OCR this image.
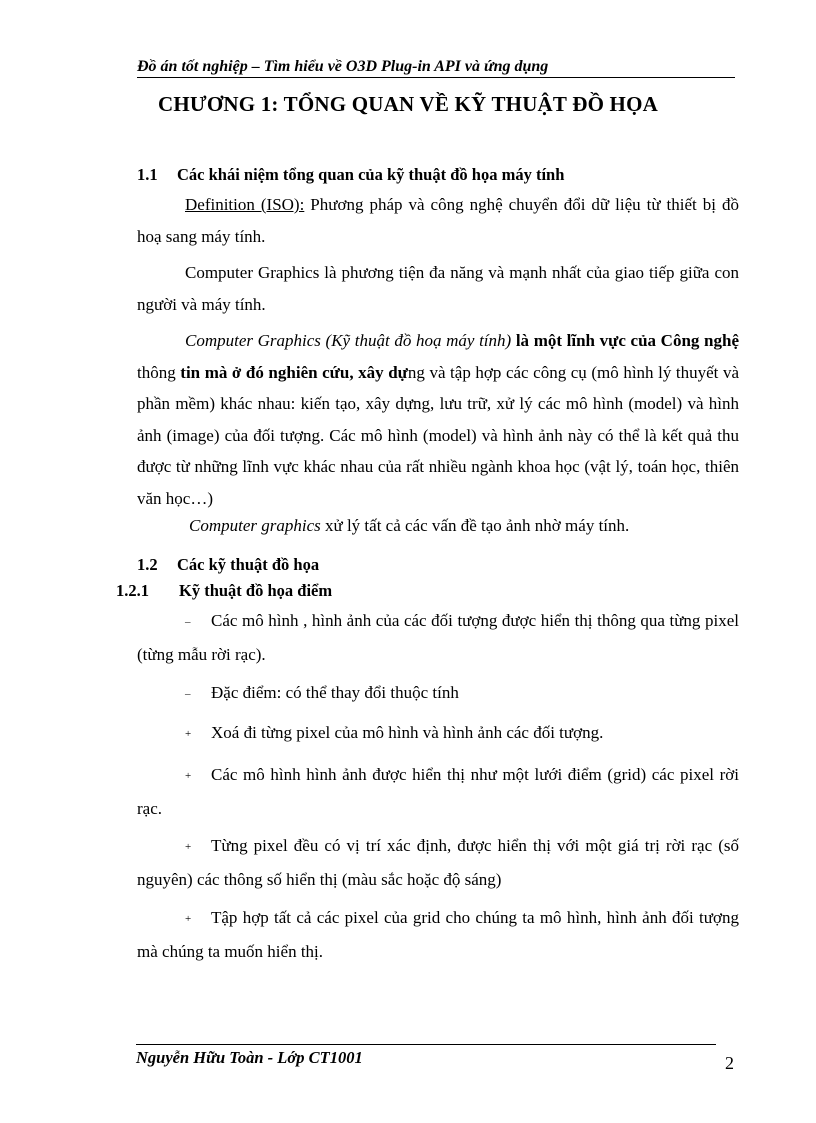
Đồ án tốt nghiệp – Tìm hiểu về O3D Plug-in API và ứng dụng
CHƯƠNG 1: TỔNG QUAN VỀ KỸ THUẬT ĐỒ HỌA
1.1 Các khái niệm tổng quan của kỹ thuật đồ họa máy tính
Definition (ISO): Phương pháp và công nghệ chuyển đổi dữ liệu từ thiết bị đồ hoạ sang máy tính.
Computer Graphics là phương tiện đa năng và mạnh nhất của giao tiếp giữa con người và máy tính.
Computer Graphics (Kỹ thuật đồ hoạ máy tính) là một lĩnh vực của Công nghệ thông tin mà ở đó nghiên cứu, xây dựng và tập hợp các công cụ (mô hình lý thuyết và phần mềm) khác nhau: kiến tạo, xây dựng, lưu trữ, xử lý các mô hình (model) và hình ảnh (image) của đối tượng. Các mô hình (model) và hình ảnh này có thể là kết quả thu được từ những lĩnh vực khác nhau của rất nhiều ngành khoa học (vật lý, toán học, thiên văn học…)
Computer graphics xử lý tất cả các vấn đề tạo ảnh nhờ máy tính.
1.2 Các kỹ thuật đồ họa
1.2.1 Kỹ thuật đồ họa điểm
– Các mô hình , hình ảnh của các đối tượng được hiển thị thông qua từng pixel (từng mẫu rời rạc).
– Đặc điểm: có thể thay đổi thuộc tính
+ Xoá đi từng pixel của mô hình và hình ảnh các đối tượng.
+ Các mô hình hình ảnh được hiển thị như một lưới điểm (grid) các pixel rời rạc.
+ Từng pixel đều có vị trí xác định, được hiển thị với một giá trị rời rạc (số nguyên) các thông số hiển thị (màu sắc hoặc độ sáng)
+ Tập hợp tất cả các pixel của grid cho chúng ta mô hình, hình ảnh đối tượng mà chúng ta muốn hiển thị.
Nguyễn Hữu Toàn - Lớp CT1001	2
